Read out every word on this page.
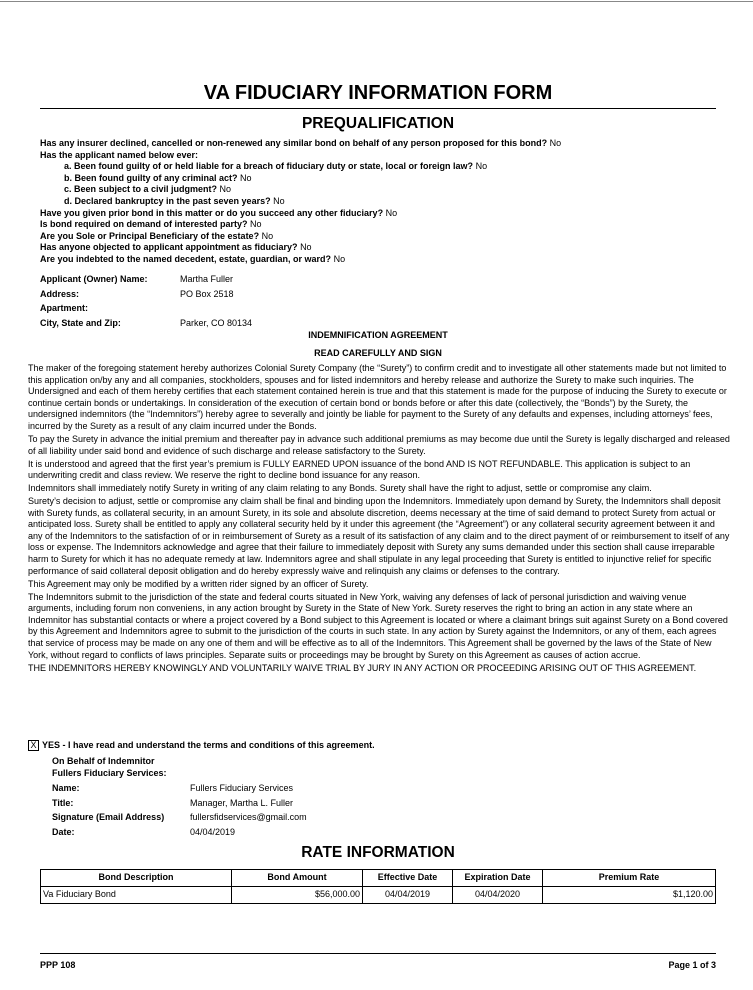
VA FIDUCIARY INFORMATION FORM
PREQUALIFICATION
Has any insurer declined, cancelled or non-renewed any similar bond on behalf of any person proposed for this bond? No
Has the applicant named below ever:
a. Been found guilty of or held liable for a breach of fiduciary duty or state, local or foreign law? No
b. Been found guilty of any criminal act? No
c. Been subject to a civil judgment? No
d. Declared bankruptcy in the past seven years? No
Have you given prior bond in this matter or do you succeed any other fiduciary? No
Is bond required on demand of interested party? No
Are you Sole or Principal Beneficiary of the estate? No
Has anyone objected to applicant appointment as fiduciary? No
Are you indebted to the named decedent, estate, guardian, or ward? No
Applicant (Owner) Name:	Martha Fuller
Address:	PO Box 2518
Apartment:
City, State and Zip:	Parker, CO 80134
INDEMNIFICATION AGREEMENT
READ CAREFULLY AND SIGN

The maker of the foregoing statement hereby authorizes Colonial Surety Company (the “Surety”) to confirm credit and to investigate all other statements made but not limited to this application on/by any and all companies, stockholders, spouses and for listed indemnitors and hereby release and authorize the Surety to make such inquiries. The Undersigned and each of them hereby certifies that each statement contained herein is true and that this statement is made for the purpose of inducing the Surety to execute or continue certain bonds or undertakings. In consideration of the execution of certain bond or bonds before or after this date (collectively, the “Bonds”) by the Surety, the undersigned indemnitors (the “Indemnitors”) hereby agree to severally and jointly be liable for payment to the Surety of any defaults and expenses, including attorneys’ fees, incurred by the Surety as a result of any claim incurred under the Bonds.

To pay the Surety in advance the initial premium and thereafter pay in advance such additional premiums as may become due until the Surety is legally discharged and released of all liability under said bond and evidence of such discharge and release satisfactory to the Surety.

It is understood and agreed that the first year’s premium is FULLY EARNED UPON issuance of the bond AND IS NOT REFUNDABLE. This application is subject to an underwriting credit and class review. We reserve the right to decline bond issuance for any reason.

Indemnitors shall immediately notify Surety in writing of any claim relating to any Bonds. Surety shall have the right to adjust, settle or compromise any claim.

Surety’s decision to adjust, settle or compromise any claim shall be final and binding upon the Indemnitors. Immediately upon demand by Surety, the Indemnitors shall deposit with Surety funds, as collateral security, in an amount Surety, in its sole and absolute discretion, deems necessary at the time of said demand to protect Surety from actual or anticipated loss. Surety shall be entitled to apply any collateral security held by it under this agreement (the “Agreement”) or any collateral security agreement between it and any of the Indemnitors to the satisfaction of or in reimbursement of Surety as a result of its satisfaction of any claim and to the direct payment of or reimbursement to itself of any loss or expense. The Indemnitors acknowledge and agree that their failure to immediately deposit with Surety any sums demanded under this section shall cause irreparable harm to Surety for which it has no adequate remedy at law. Indemnitors agree and shall stipulate in any legal proceeding that Surety is entitled to injunctive relief for specific performance of said collateral deposit obligation and do hereby expressly waive and relinquish any claims or defenses to the contrary.

This Agreement may only be modified by a written rider signed by an officer of Surety.

The Indemnitors submit to the jurisdiction of the state and federal courts situated in New York, waiving any defenses of lack of personal jurisdiction and waiving venue arguments, including forum non conveniens, in any action brought by Surety in the State of New York. Surety reserves the right to bring an action in any state where an Indemnitor has substantial contacts or where a project covered by a Bond subject to this Agreement is located or where a claimant brings suit against Surety on a Bond covered by this Agreement and Indemnitors agree to submit to the jurisdiction of the courts in such state. In any action by Surety against the Indemnitors, or any of them, each agrees that service of process may be made on any one of them and will be effective as to all of the Indemnitors. This Agreement shall be governed by the laws of the State of New York, without regard to conflicts of laws principles. Separate suits or proceedings may be brought by Surety on this Agreement as causes of action accrue.

THE INDEMNITORS HEREBY KNOWINGLY AND VOLUNTARILY WAIVE TRIAL BY JURY IN ANY ACTION OR PROCEEDING ARISING OUT OF THIS AGREEMENT.

X YES - I have read and understand the terms and conditions of this agreement.
On Behalf of Indemnitor
Fullers Fiduciary Services:
Name:	Fullers Fiduciary Services
Title:	Manager, Martha L. Fuller
Signature (Email Address)	fullersfidservices@gmail.com
Date:	04/04/2019
RATE INFORMATION
Bond Description	Bond Amount	Effective Date	Expiration Date	Premium Rate
Va Fiduciary Bond	$56,000.00	04/04/2019	04/04/2020	$1,120.00
PPP 108	Page 1 of 3
